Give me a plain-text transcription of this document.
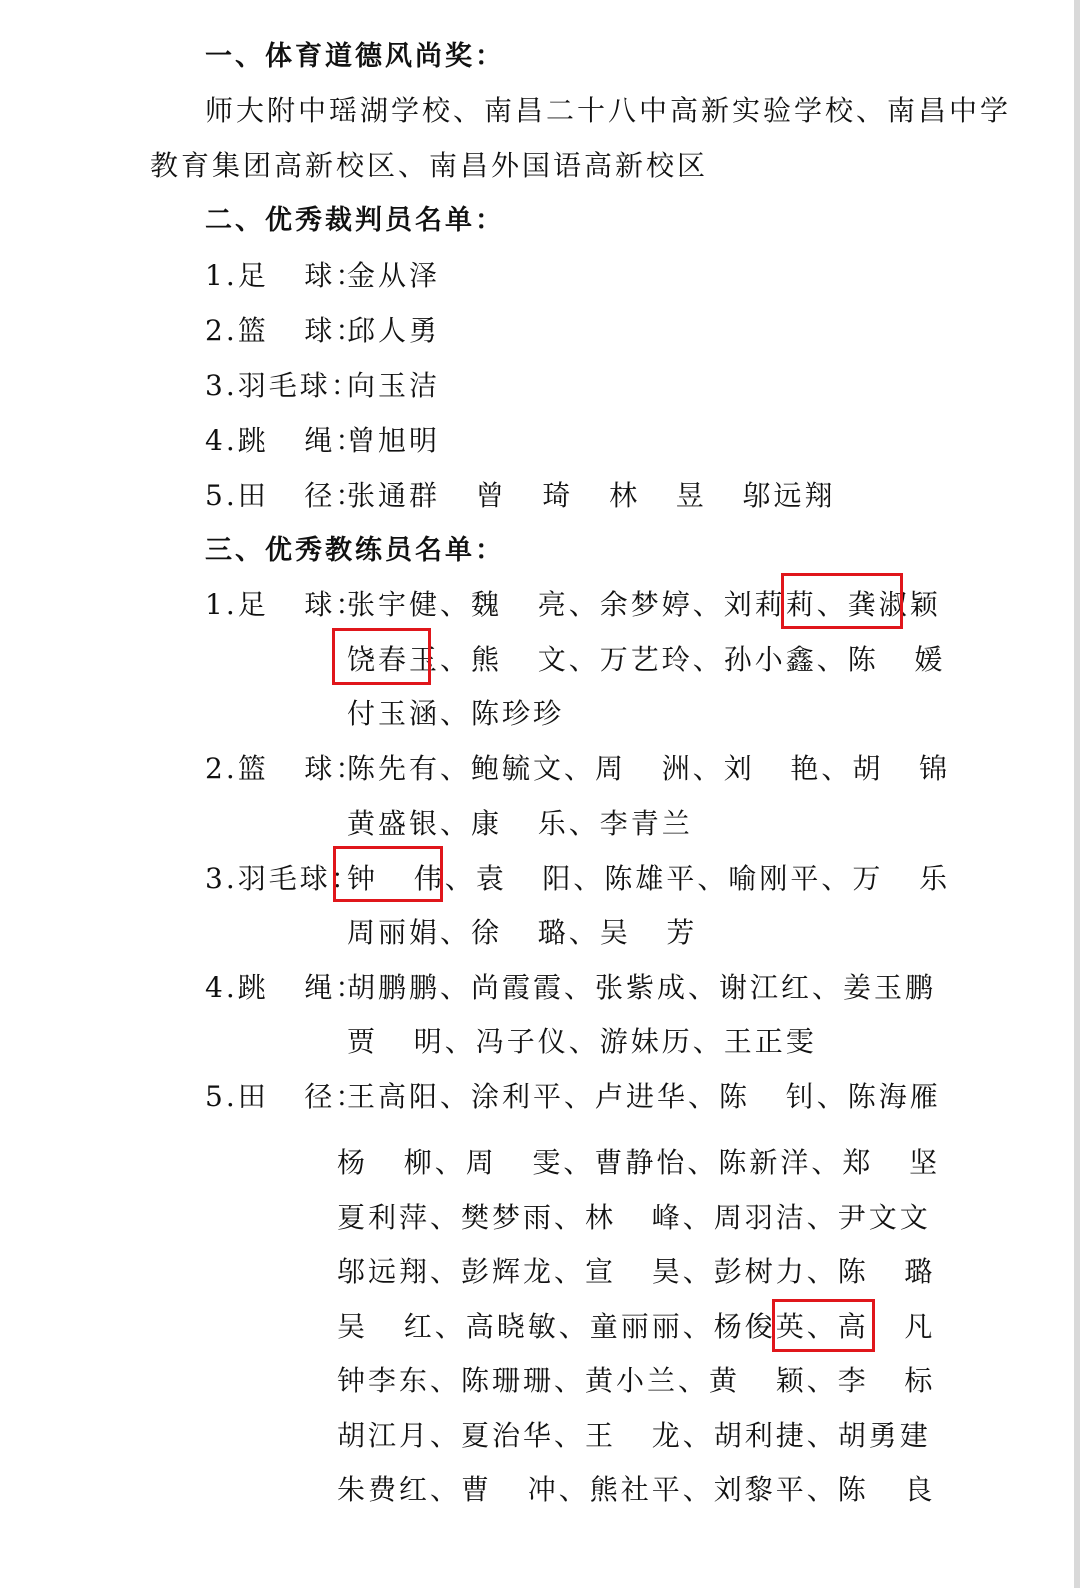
一、体育道德风尚奖：
师大附中瑶湖学校、南昌二十八中高新实验学校、南昌中学
教育集团高新校区、南昌外国语高新校区
二、优秀裁判员名单：
1.足   球：
金从泽
2.篮   球：
邱人勇
3.羽毛球：
向玉洁
4.跳   绳：
曾旭明
5.田   径：
张通群   曾   琦   林   昱   邬远翔
三、优秀教练员名单：
1.足   球：
张宇健、魏   亮、余梦婷、刘莉莉、龚淑颖
饶春玉、熊   文、万艺玲、孙小鑫、陈   媛
付玉涵、陈珍珍
2.篮   球：
陈先有、鲍毓文、周   洲、刘   艳、胡   锦
黄盛银、康   乐、李青兰
3.羽毛球：
钟   伟、袁   阳、陈雄平、喻刚平、万   乐
周丽娟、徐   璐、吴   芳
4.跳   绳：
胡鹏鹏、尚霞霞、张紫成、谢江红、姜玉鹏
贾   明、冯子仪、游妹历、王正雯
5.田   径：
王高阳、涂利平、卢进华、陈   钊、陈海雁
杨   柳、周   雯、曹静怡、陈新洋、郑   坚
夏利萍、樊梦雨、林   峰、周羽洁、尹文文
邬远翔、彭辉龙、宣   昊、彭树力、陈   璐
吴   红、高晓敏、童丽丽、杨俊英、高   凡
钟李东、陈珊珊、黄小兰、黄   颖、李   标
胡江月、夏治华、王   龙、胡利捷、胡勇建
朱费红、曹   冲、熊社平、刘黎平、陈   良
